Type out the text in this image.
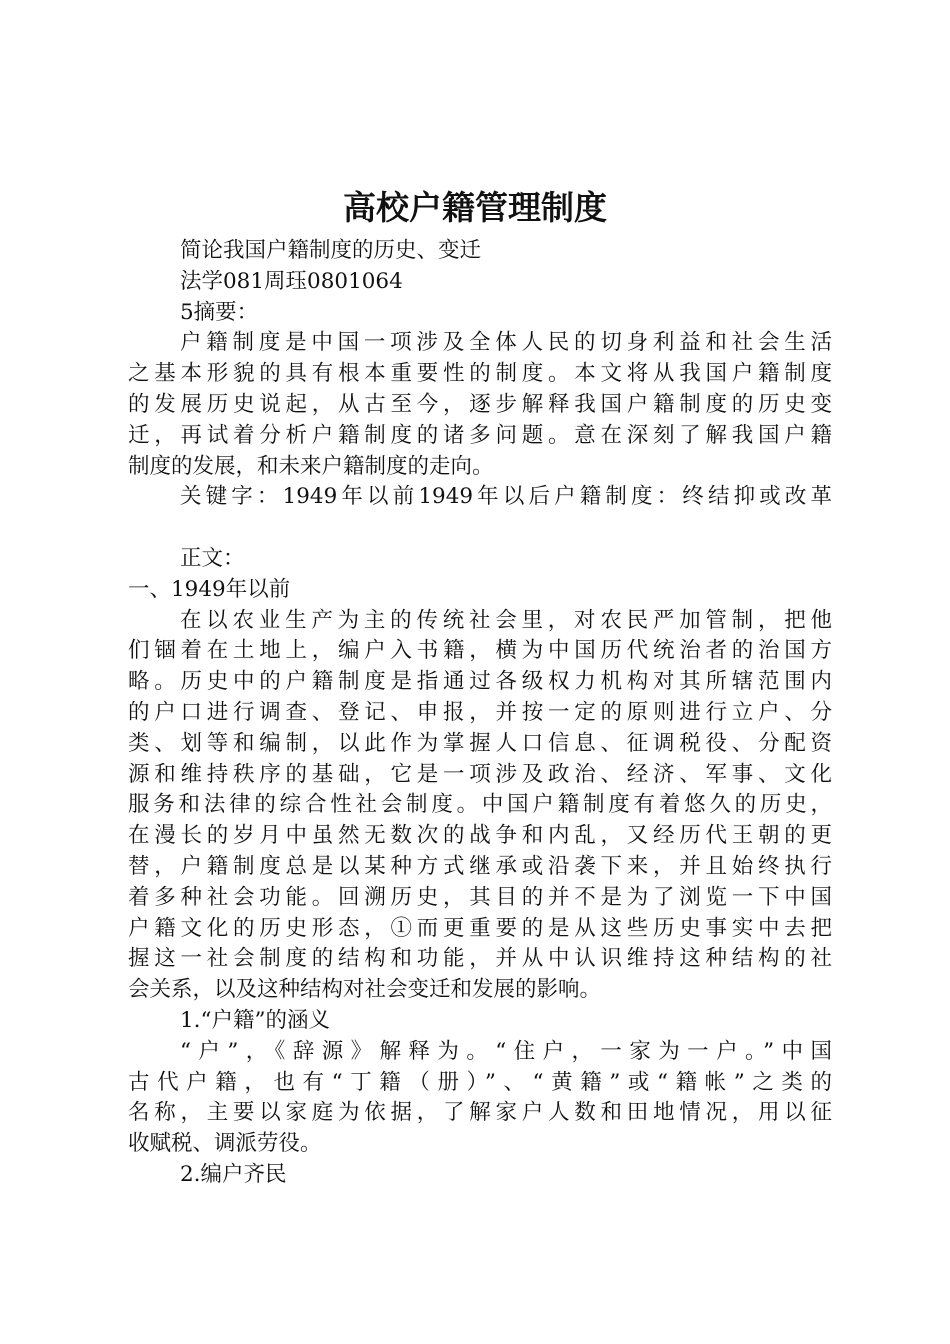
高校户籍管理制度

简论我国户籍制度的历史、变迁

法学081周珏0801064

5摘要：

户籍制度是中国一项涉及全体人民的切身利益和社会生活

之基本形貌的具有根本重要性的制度。本文将从我国户籍制度

的发展历史说起，从古至今，逐步解释我国户籍制度的历史变

迁，再试着分析户籍制度的诸多问题。意在深刻了解我国户籍

制度的发展，和未来户籍制度的走向。

关键字：1949年以前1949年以后户籍制度：终结抑或改革

正文：

一、1949年以前

在以农业生产为主的传统社会里，对农民严加管制，把他

们锢着在土地上，编户入书籍，横为中国历代统治者的治国方

略。历史中的户籍制度是指通过各级权力机构对其所辖范围内

的户口进行调查、登记、申报，并按一定的原则进行立户、分

类、划等和编制，以此作为掌握人口信息、征调税役、分配资

源和维持秩序的基础，它是一项涉及政治、经济、军事、文化

服务和法律的综合性社会制度。中国户籍制度有着悠久的历史，

在漫长的岁月中虽然无数次的战争和内乱，又经历代王朝的更

替，户籍制度总是以某种方式继承或沿袭下来，并且始终执行

着多种社会功能。回溯历史，其目的并不是为了浏览一下中国

户籍文化的历史形态，①而更重要的是从这些历史事实中去把

握这一社会制度的结构和功能，并从中认识维持这种结构的社

会关系，以及这种结构对社会变迁和发展的影响。

1.“户籍”的涵义

“户”，《辞源》解释为。“住户，一家为一户。”中国

古代户籍，也有“丁籍（册）”、“黄籍”或“籍帐”之类的

名称，主要以家庭为依据，了解家户人数和田地情况，用以征

收赋税、调派劳役。

2.编户齐民
